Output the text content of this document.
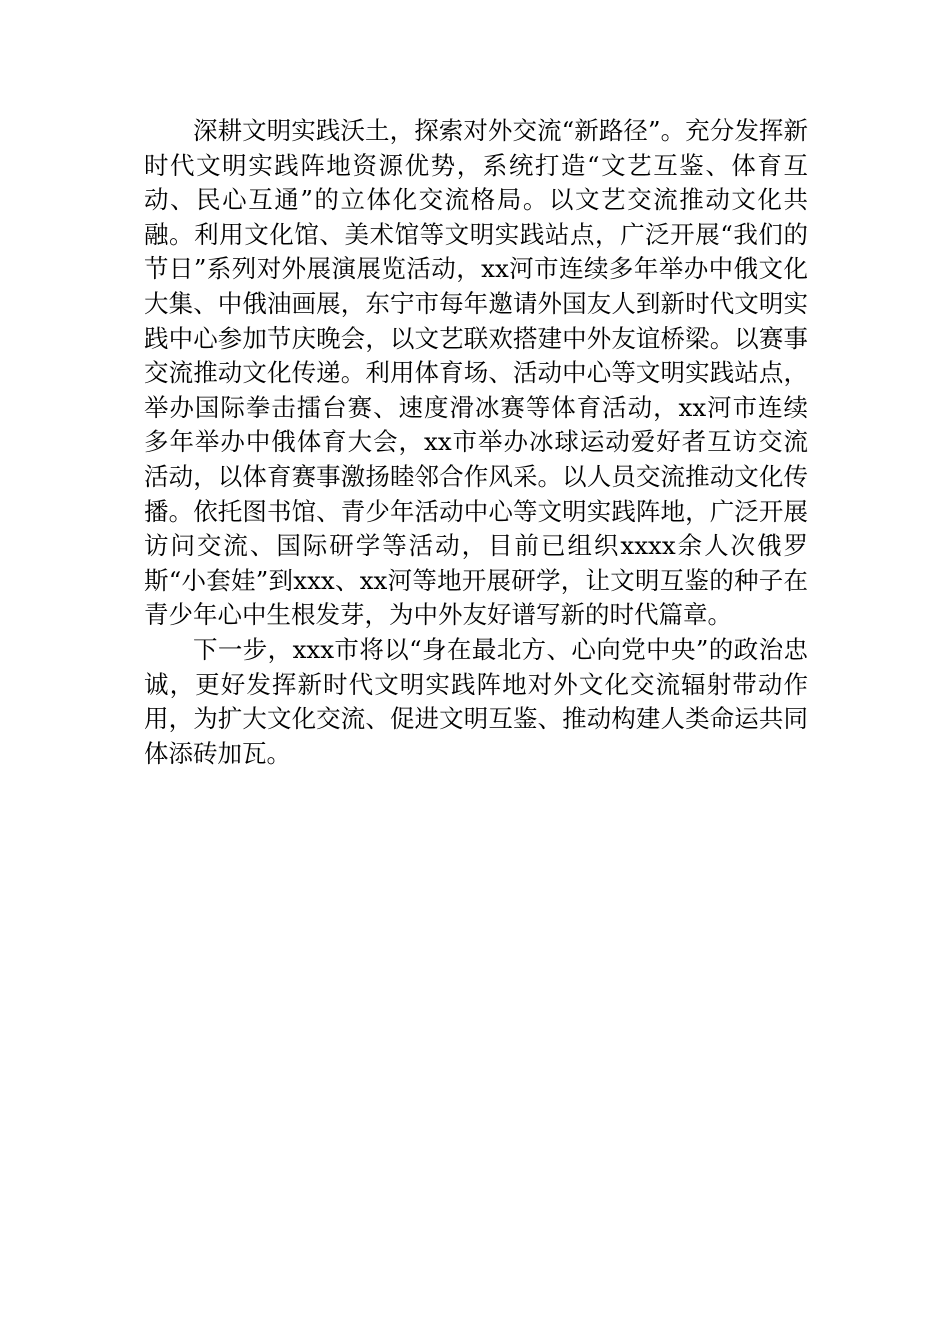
深耕文明实践沃土，探索对外交流“新路径”。充分发挥新时代文明实践阵地资源优势，系统打造“文艺互鉴、体育互动、民心互通”的立体化交流格局。以文艺交流推动文化共融。利用文化馆、美术馆等文明实践站点，广泛开展“我们的节日”系列对外展演展览活动，xx河市连续多年举办中俄文化大集、中俄油画展，东宁市每年邀请外国友人到新时代文明实践中心参加节庆晚会，以文艺联欢搭建中外友谊桥梁。以赛事交流推动文化传递。利用体育场、活动中心等文明实践站点，举办国际拳击擂台赛、速度滑冰赛等体育活动，xx河市连续多年举办中俄体育大会，xx市举办冰球运动爱好者互访交流活动，以体育赛事激扬睦邻合作风采。以人员交流推动文化传播。依托图书馆、青少年活动中心等文明实践阵地，广泛开展访问交流、国际研学等活动，目前已组织xxxx余人次俄罗斯“小套娃”到xxx、xx河等地开展研学，让文明互鉴的种子在青少年心中生根发芽，为中外友好谱写新的时代篇章。

下一步，xxx市将以“身在最北方、心向党中央”的政治忠诚，更好发挥新时代文明实践阵地对外文化交流辐射带动作用，为扩大文化交流、促进文明互鉴、推动构建人类命运共同体添砖加瓦。
